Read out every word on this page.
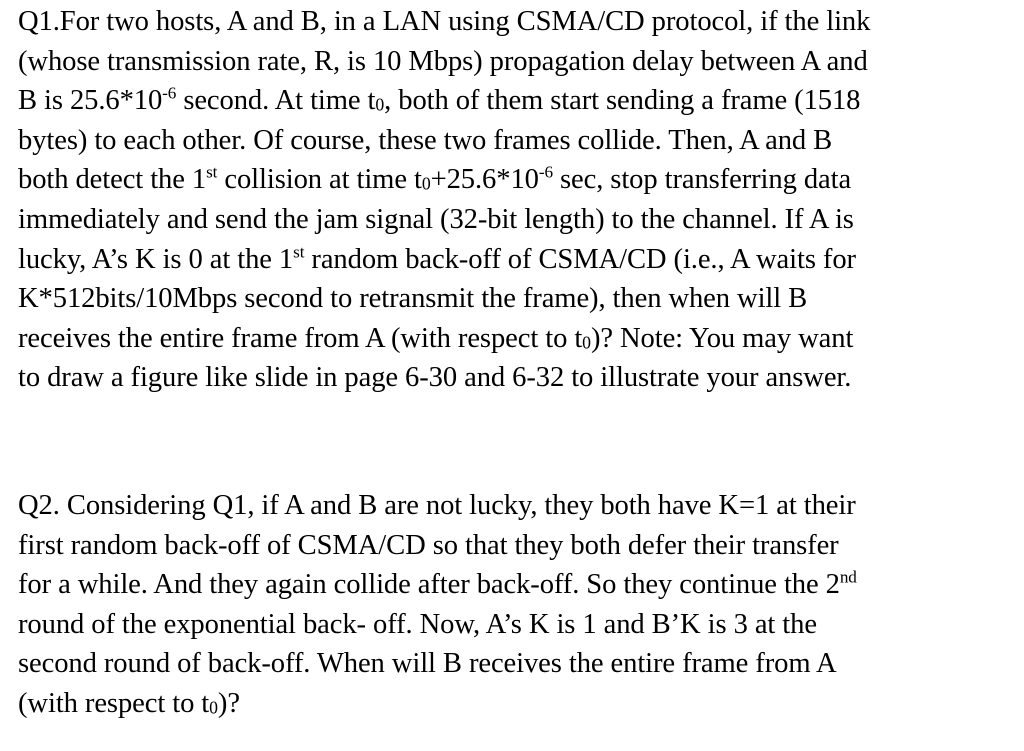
Q1.For two hosts, A and B, in a LAN using CSMA/CD protocol, if the link
(whose transmission rate, R, is 10 Mbps) propagation delay between A and
B is $25.6*10^{-6}$ second. At time t0, both of them start sending a frame (1518
bytes) to each other. Of course, these two frames collide. Then, A and B
both detect the 1st collision at time $t0+25.6*10^{-6}$ sec, stop transferring data
immediately and send the jam signal (32-bit length) to the channel. If A is
lucky, A’s K is 0 at the 1st random back-off of CSMA/CD (i.e., A waits for
K*512bits/10Mbps second to retransmit the frame), then when will B
receives the entire frame from A (with respect to t0)? Note: You may want
to draw a figure like slide in page 6-30 and 6-32 to illustrate your answer.
Q2. Considering Q1, if A and B are not lucky, they both have K=1 at their
first random back-off of CSMA/CD so that they both defer their transfer
for a while. And they again collide after back-off. So they continue the 2nd
round of the exponential back- off. Now, A’s K is 1 and B’K is 3 at the
second round of back-off. When will B receives the entire frame from A
(with respect to t0)?
